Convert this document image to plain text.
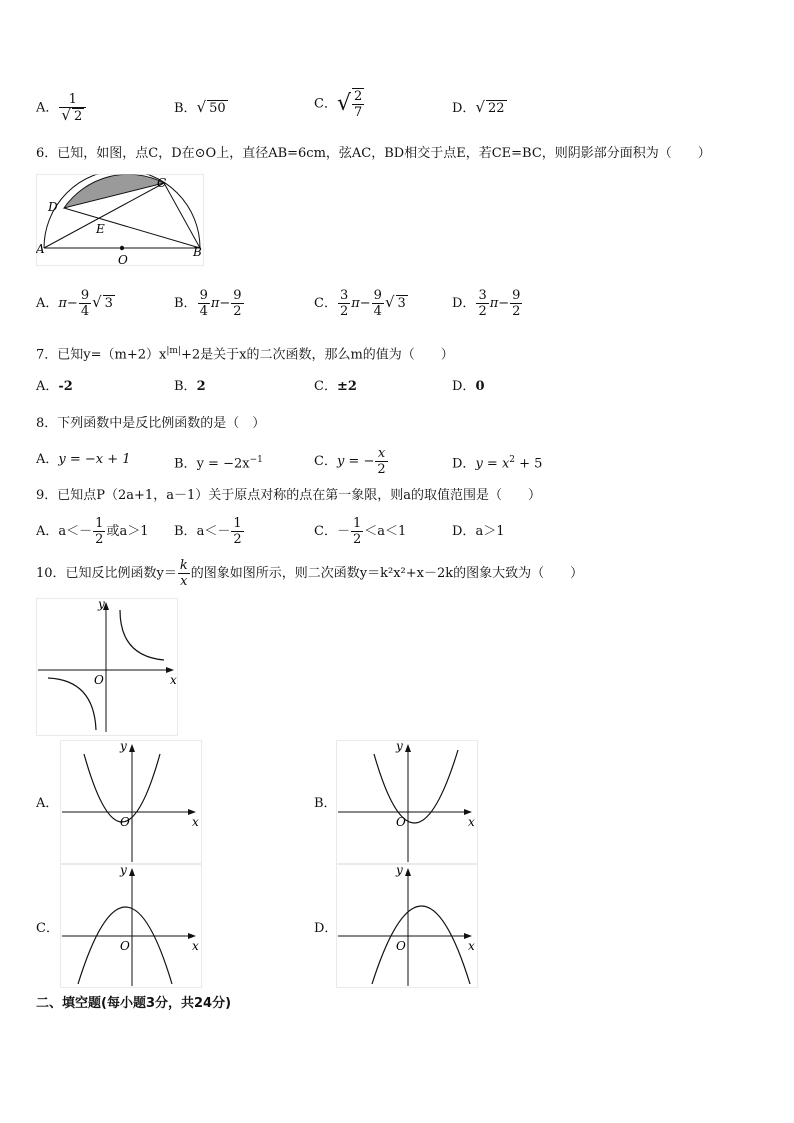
A． $\frac{1}{√ 2}$	B．√ 50	C．√ $\frac{2}{7}$	D．√ 22
6．已知，如图，点C，D在⊙O上，直径AB=6cm，弦AC，BD相交于点E，若CE=BC，则阴影部分面积为（　　）
A	B
C
D
E
O
A．$\pi- \frac{9}{4}$ √ 3	B． $\frac{9}{4} \pi- \frac{9}{2}$	C． $\frac{3}{2} \pi- \frac{9}{4}$ √ 3	D． $\frac{3}{2} \pi- \frac{9}{2}$
7．已知$y=(m+2)x^{|m|}+2$是关于x的二次函数，那么m的值为（　　）
A．-2	B．2	C．±2	D．0
8．下列函数中是反比例函数的是（　）
A．y = −x + 1	B．$y = -2x^{-1}$	C．y = − $\frac{x}{2}$	D．$y = x^2 + 5$
9．已知点P（2a+1，a－1）关于原点对称的点在第一象限，则a的取值范围是（　　）
A．$a<- \frac{1}{2}$ 或a＞1 B．$a<- \frac{1}{2}$	C．－ $\frac{1}{2} <a<1$	D．a＞1
10．已知反比例函数$y= \frac{k}{x}$ 的图象如图所示，则二次函数y＝k²x²+x－2k的图象大致为（　　）
y
x
O
A．
y
x
O
B．
y
x
O
C．
y
x
O
D．
y
x
O
二、填空题(每小题3分，共24分)
